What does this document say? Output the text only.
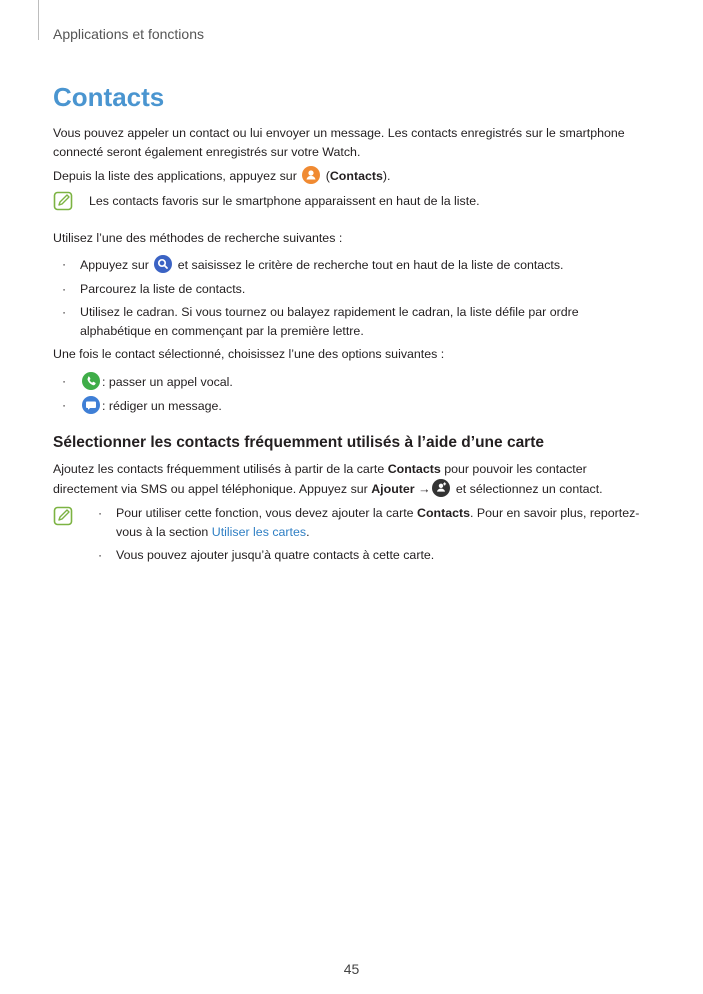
Applications et fonctions
Contacts

Vous pouvez appeler un contact ou lui envoyer un message. Les contacts enregistrés sur le smartphone connecté seront également enregistrés sur votre Watch.

Depuis la liste des applications, appuyez sur
(Contacts).

Les contacts favoris sur le smartphone apparaissent en haut de la liste.

Utilisez l’une des méthodes de recherche suivantes :

· Appuyez sur et saisissez le critère de recherche tout en haut de la liste de contacts.
· Parcourez la liste de contacts.
· Utilisez le cadran. Si vous tournez ou balayez rapidement le cadran, la liste défile par ordre alphabétique en commençant par la première lettre.

Une fois le contact sélectionné, choisissez l’une des options suivantes :

· : passer un appel vocal.
· : rédiger un message.
Sélectionner les contacts fréquemment utilisés à l’aide d’une carte

Ajoutez les contacts fréquemment utilisés à partir de la carte Contacts pour pouvoir les contacter directement via SMS ou appel téléphonique. Appuyez sur Ajouter → et sélectionnez un contact.

· Pour utiliser cette fonction, vous devez ajouter la carte Contacts. Pour en savoir plus, reportez-vous à la section Utiliser les cartes.
· Vous pouvez ajouter jusqu’à quatre contacts à cette carte.
45
